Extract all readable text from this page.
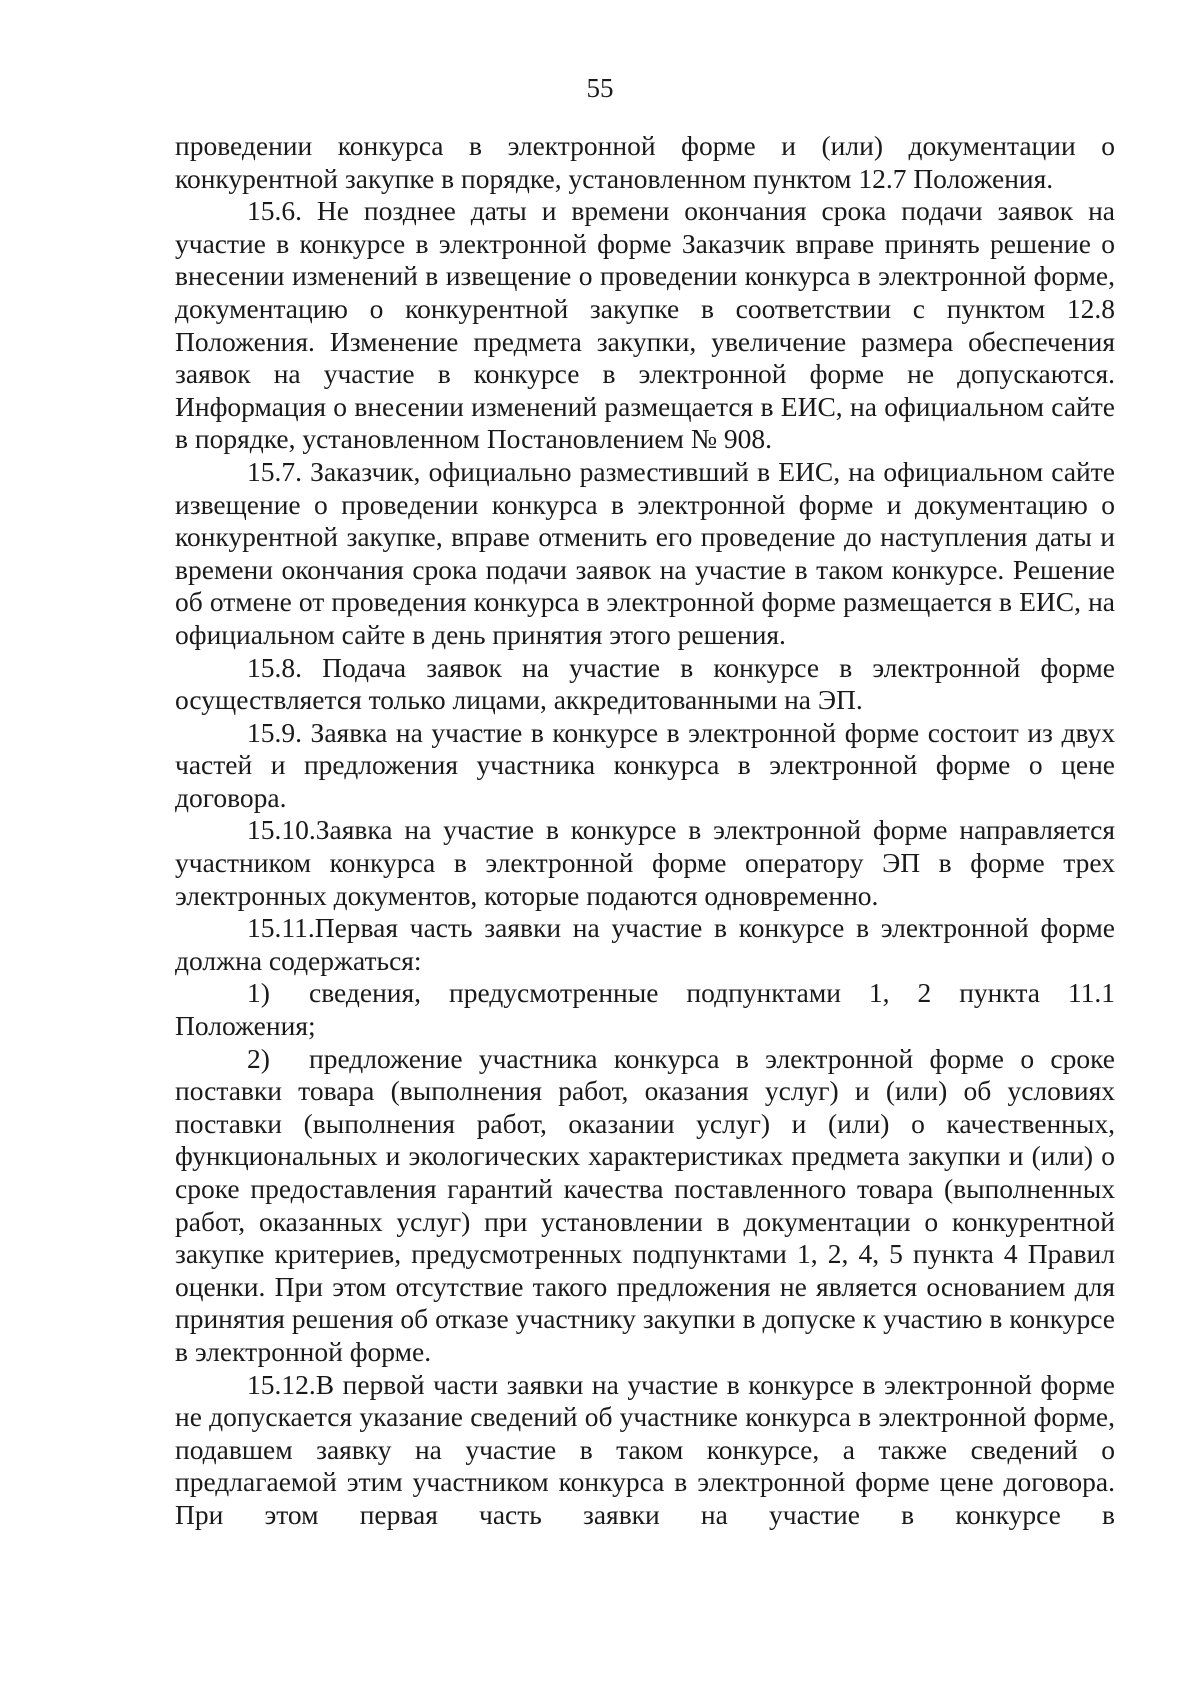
55

проведении конкурса в электронной форме и (или) документации о конкурентной закупке в порядке, установленном пунктом 12.7 Положения.

15.6. Не позднее даты и времени окончания срока подачи заявок на участие в конкурсе в электронной форме Заказчик вправе принять решение о внесении изменений в извещение о проведении конкурса в электронной форме, документацию о конкурентной закупке в соответствии с пунктом 12.8 Положения. Изменение предмета закупки, увеличение размера обеспечения заявок на участие в конкурсе в электронной форме не допускаются. Информация о внесении изменений размещается в ЕИС, на официальном сайте в порядке, установленном Постановлением № 908.

15.7. Заказчик, официально разместивший в ЕИС, на официальном сайте извещение о проведении конкурса в электронной форме и документацию о конкурентной закупке, вправе отменить его проведение до наступления даты и времени окончания срока подачи заявок на участие в таком конкурсе. Решение об отмене от проведения конкурса в электронной форме размещается в ЕИС, на официальном сайте в день принятия этого решения.

15.8. Подача заявок на участие в конкурсе в электронной форме осуществляется только лицами, аккредитованными на ЭП.

15.9. Заявка на участие в конкурсе в электронной форме состоит из двух частей и предложения участника конкурса в электронной форме о цене договора.

15.10.Заявка на участие в конкурсе в электронной форме направляется участником конкурса в электронной форме оператору ЭП в форме трех электронных документов, которые подаются одновременно.

15.11.Первая часть заявки на участие в конкурсе в электронной форме должна содержаться:

1) сведения, предусмотренные подпунктами 1, 2 пункта 11.1 Положения;

2) предложение участника конкурса в электронной форме о сроке поставки товара (выполнения работ, оказания услуг) и (или) об условиях поставки (выполнения работ, оказании услуг) и (или) о качественных, функциональных и экологических характеристиках предмета закупки и (или) о сроке предоставления гарантий качества поставленного товара (выполненных работ, оказанных услуг) при установлении в документации о конкурентной закупке критериев, предусмотренных подпунктами 1, 2, 4, 5 пункта 4 Правил оценки. При этом отсутствие такого предложения не является основанием для принятия решения об отказе участнику закупки в допуске к участию в конкурсе в электронной форме.

15.12.В первой части заявки на участие в конкурсе в электронной форме не допускается указание сведений об участнике конкурса в электронной форме, подавшем заявку на участие в таком конкурсе, а также сведений о предлагаемой этим участником конкурса в электронной форме цене договора. При этом первая часть заявки на участие в конкурсе в
